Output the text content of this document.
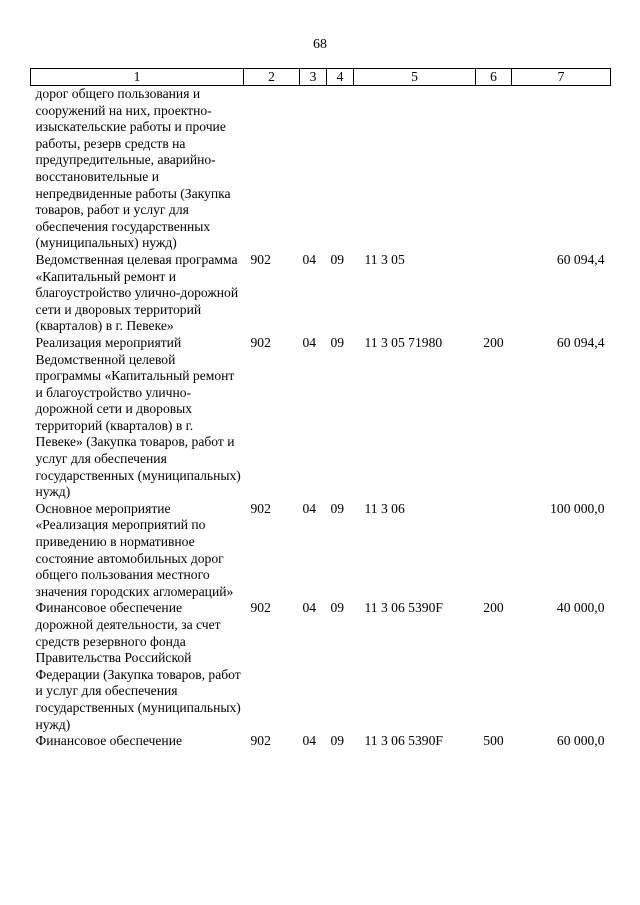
68
1	2	3	4	5	6	7
дорог общего пользования и сооружений на них, проектно-изыскательские работы и прочие работы, резерв средств на предупредительные, аварийно-восстановительные и непредвиденные работы (Закупка товаров, работ и услуг для обеспечения государственных (муниципальных) нужд)						
Ведомственная целевая программа «Капитальный ремонт и благоустройство улично-дорожной сети и дворовых территорий (кварталов) в г. Певеке»	902	04	09	11 3 05		60 094,4
Реализация мероприятий Ведомственной целевой программы «Капитальный ремонт и благоустройство улично-дорожной сети и дворовых территорий (кварталов) в г. Певеке» (Закупка товаров, работ и услуг для обеспечения государственных (муниципальных) нужд)	902	04	09	11 3 05 71980	200	60 094,4
Основное мероприятие «Реализация мероприятий по приведению в нормативное состояние автомобильных дорог общего пользования местного значения городских агломераций»	902	04	09	11 3 06		100 000,0
Финансовое обеспечение дорожной деятельности, за счет средств резервного фонда Правительства Российской Федерации (Закупка товаров, работ и услуг для обеспечения государственных (муниципальных) нужд)	902	04	09	11 3 06 5390F	200	40 000,0
Финансовое обеспечение	902	04	09	11 3 06 5390F	500	60 000,0
